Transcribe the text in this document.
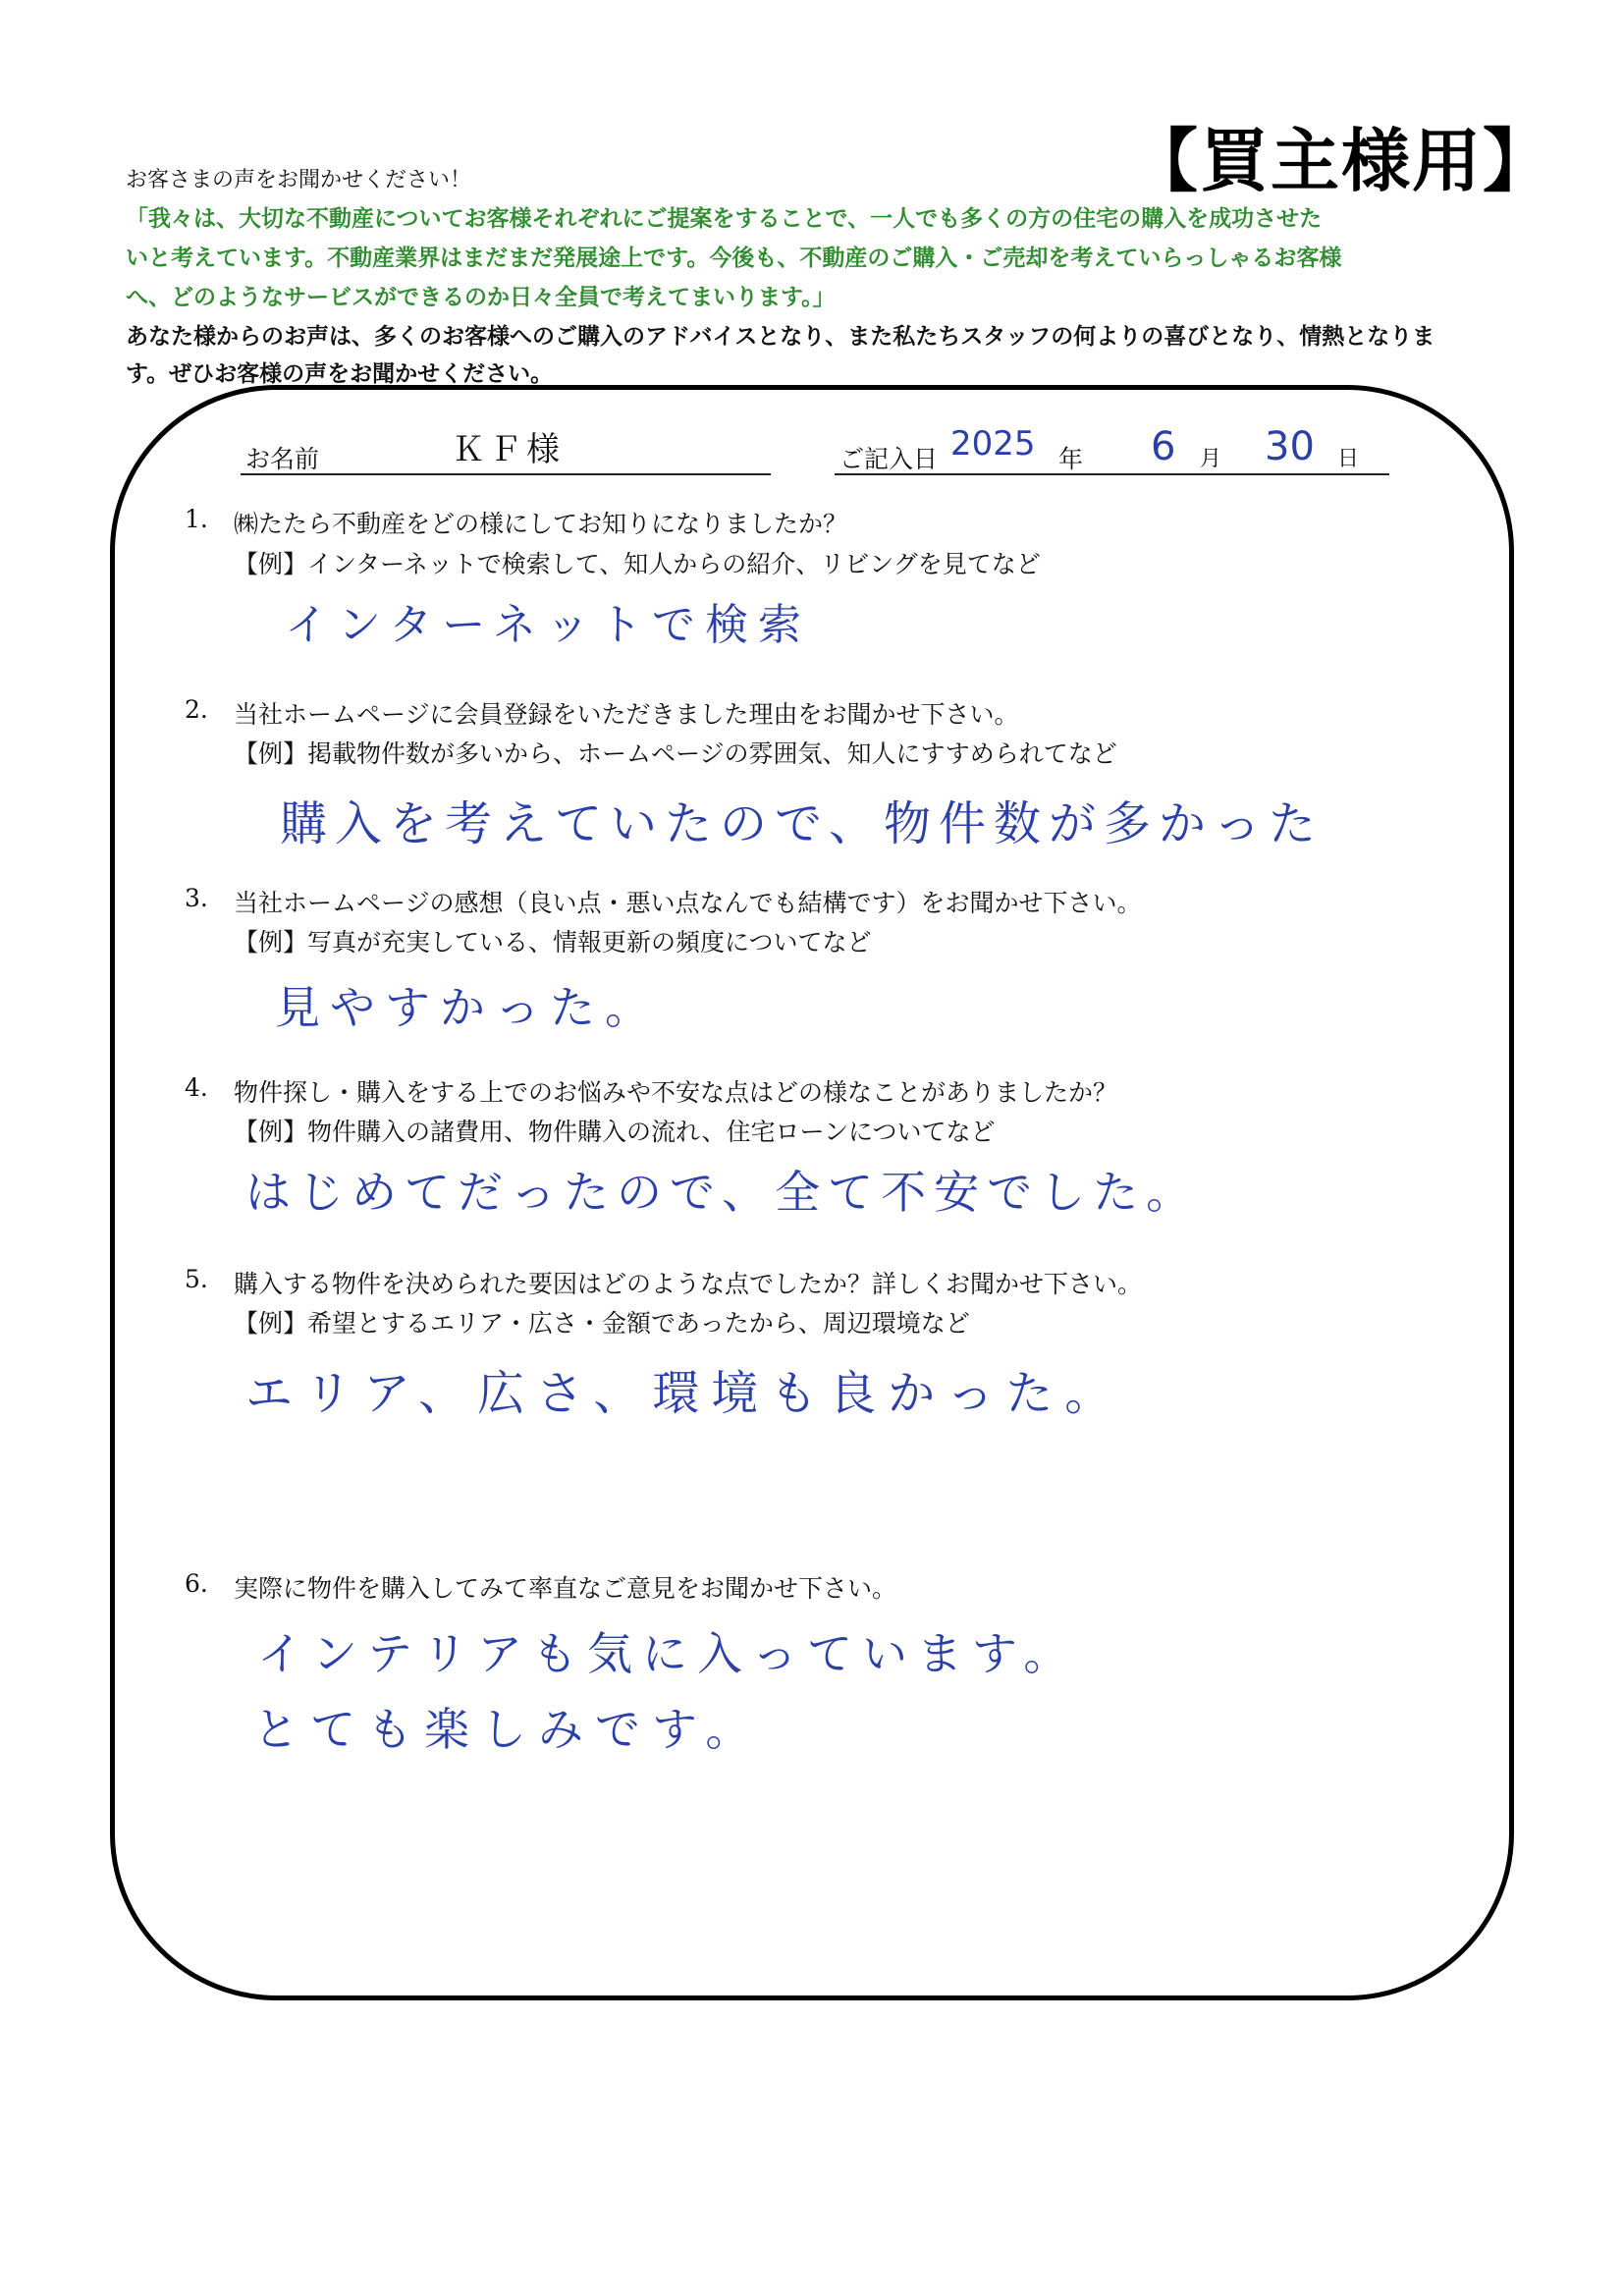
【買主様用】
お客さまの声をお聞かせください！
「我々は、大切な不動産についてお客様それぞれにご提案をすることで、一人でも多くの方の住宅の購入を成功させた
いと考えています。不動産業界はまだまだ発展途上です。今後も、不動産のご購入・ご売却を考えていらっしゃるお客様
へ、どのようなサービスができるのか日々全員で考えてまいります。」
あなた様からのお声は、多くのお客様へのご購入のアドバイスとなり、また私たちスタッフの何よりの喜びとなり、情熱となりま
す。ぜひお客様の声をお聞かせください。
お名前	ＫＦ様	ご記入日 2025 年 6 月 30 日
1. ㈱たたら不動産をどの様にしてお知りになりましたか？
【例】インターネットで検索して、知人からの紹介、リビングを見てなど
インターネットで検索
2. 当社ホームページに会員登録をいただきました理由をお聞かせ下さい。
【例】掲載物件数が多いから、ホームページの雰囲気、知人にすすめられてなど
購入を考えていたので、物件数が多かった
3. 当社ホームページの感想（良い点・悪い点なんでも結構です）をお聞かせ下さい。
【例】写真が充実している、情報更新の頻度についてなど
見やすかった。
4. 物件探し・購入をする上でのお悩みや不安な点はどの様なことがありましたか？
【例】物件購入の諸費用、物件購入の流れ、住宅ローンについてなど
はじめてだったので、全て不安でした。
5. 購入する物件を決められた要因はどのような点でしたか？詳しくお聞かせ下さい。
【例】希望とするエリア・広さ・金額であったから、周辺環境など
エリア、広さ、環境も良かった。
6. 実際に物件を購入してみて率直なご意見をお聞かせ下さい。
インテリアも気に入っています。
とても楽しみです。
